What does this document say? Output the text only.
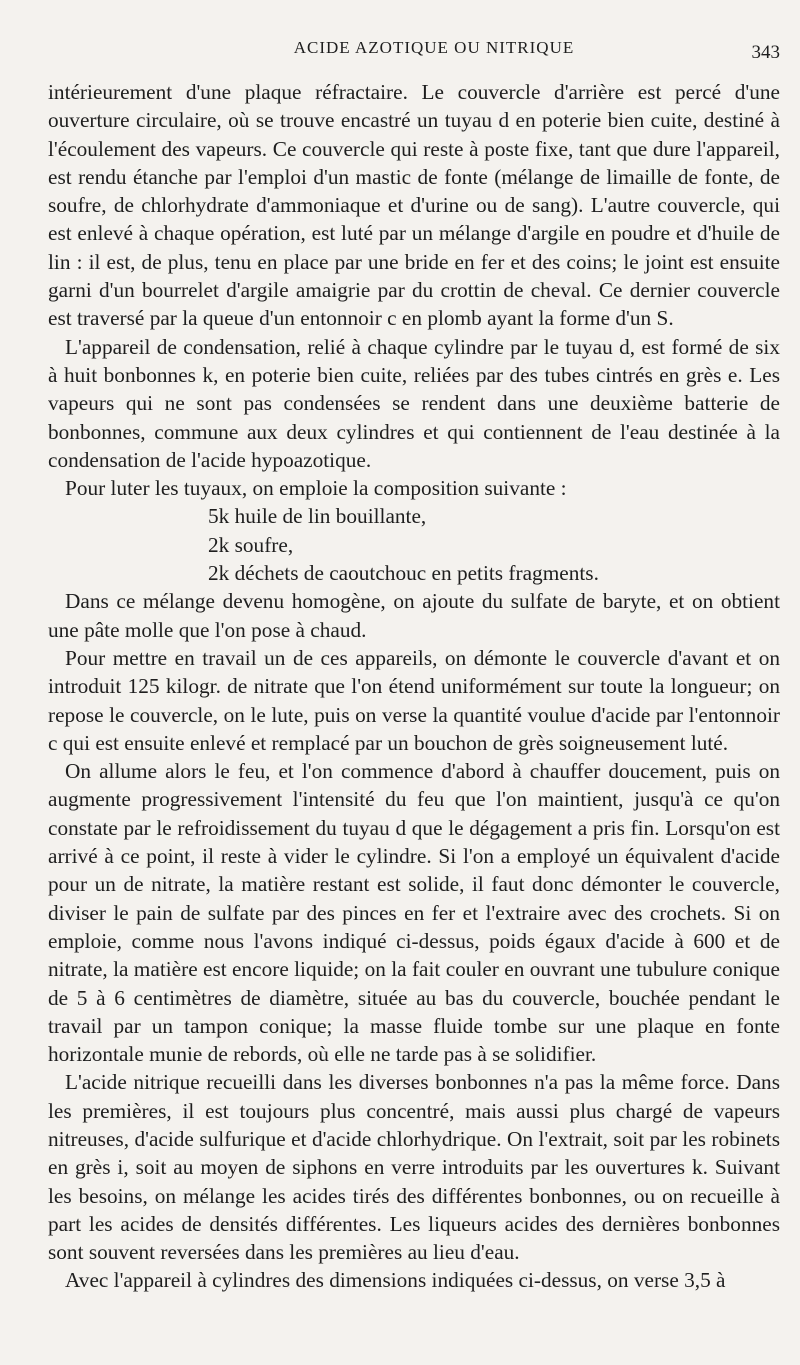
ACIDE AZOTIQUE OU NITRIQUE	343

intérieurement d'une plaque réfractaire. Le couvercle d'arrière est percé d'une ouverture circulaire, où se trouve encastré un tuyau d en poterie bien cuite, destiné à l'écoulement des vapeurs. Ce couvercle qui reste à poste fixe, tant que dure l'appareil, est rendu étanche par l'emploi d'un mastic de fonte (mélange de limaille de fonte, de soufre, de chlorhydrate d'ammoniaque et d'urine ou de sang). L'autre couvercle, qui est enlevé à chaque opération, est luté par un mélange d'argile en poudre et d'huile de lin : il est, de plus, tenu en place par une bride en fer et des coins; le joint est ensuite garni d'un bourrelet d'argile amaigrie par du crottin de cheval. Ce dernier couvercle est traversé par la queue d'un entonnoir c en plomb ayant la forme d'un S.

L'appareil de condensation, relié à chaque cylindre par le tuyau d, est formé de six à huit bonbonnes k, en poterie bien cuite, reliées par des tubes cintrés en grès e. Les vapeurs qui ne sont pas condensées se rendent dans une deuxième batterie de bonbonnes, commune aux deux cylindres et qui contiennent de l'eau destinée à la condensation de l'acide hypoazotique.

Pour luter les tuyaux, on emploie la composition suivante :

5k huile de lin bouillante,

2k soufre,

2k déchets de caoutchouc en petits fragments.

Dans ce mélange devenu homogène, on ajoute du sulfate de baryte, et on obtient une pâte molle que l'on pose à chaud.

Pour mettre en travail un de ces appareils, on démonte le couvercle d'avant et on introduit 125 kilogr. de nitrate que l'on étend uniformément sur toute la longueur; on repose le couvercle, on le lute, puis on verse la quantité voulue d'acide par l'entonnoir c qui est ensuite enlevé et remplacé par un bouchon de grès soigneusement luté.

On allume alors le feu, et l'on commence d'abord à chauffer doucement, puis on augmente progressivement l'intensité du feu que l'on maintient, jusqu'à ce qu'on constate par le refroidissement du tuyau d que le dégagement a pris fin. Lorsqu'on est arrivé à ce point, il reste à vider le cylindre. Si l'on a employé un équivalent d'acide pour un de nitrate, la matière restant est solide, il faut donc démonter le couvercle, diviser le pain de sulfate par des pinces en fer et l'extraire avec des crochets. Si on emploie, comme nous l'avons indiqué ci-dessus, poids égaux d'acide à 600 et de nitrate, la matière est encore liquide; on la fait couler en ouvrant une tubulure conique de 5 à 6 centimètres de diamètre, située au bas du couvercle, bouchée pendant le travail par un tampon conique; la masse fluide tombe sur une plaque en fonte horizontale munie de rebords, où elle ne tarde pas à se solidifier.

L'acide nitrique recueilli dans les diverses bonbonnes n'a pas la même force. Dans les premières, il est toujours plus concentré, mais aussi plus chargé de vapeurs nitreuses, d'acide sulfurique et d'acide chlorhydrique. On l'extrait, soit par les robinets en grès i, soit au moyen de siphons en verre introduits par les ouvertures k. Suivant les besoins, on mélange les acides tirés des différentes bonbonnes, ou on recueille à part les acides de densités différentes. Les liqueurs acides des dernières bonbonnes sont souvent reversées dans les premières au lieu d'eau.

Avec l'appareil à cylindres des dimensions indiquées ci-dessus, on verse 3,5 à
